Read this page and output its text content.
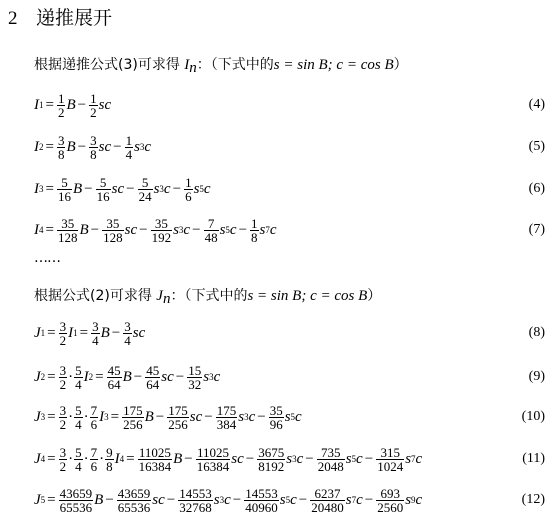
2 递推展开
根据递推公式(3)可求得 $I_n$：（下式中的s = sin B; c = cos B）
I $1 = \frac{1}{2}$ $B - \frac{1}{2}$ sc	(4)
I $2 = \frac{3}{8}$ $B - \frac{3}{8}$ sc − $\frac{1}{4}$ s 3 c	(5)
I $3 = \frac{5}{16}$ $B - \frac{5}{16}$ sc − $\frac{5}{24}$ s 3 $c - \frac{1}{6}$ s 5 c	(6)
I $4 = \frac{35}{128}$ $B - \frac{35}{128}$ sc − $\frac{35}{192}$ s 3 $c - \frac{7}{48}$ s 5 $c - \frac{1}{8}$ s 7 c	(7)
……
根据公式(2)可求得 $J_n$：（下式中的s = sin B; c = cos B）
J $1 = \frac{3}{2}$ I $1 = \frac{3}{4}$ $B - \frac{3}{4}$ sc	(8)
J $2 = \frac{3}{2} \cdot \frac{5}{4}$ I $2 = \frac{45}{64}$ $B - \frac{45}{64}$ sc − $\frac{15}{32}$ s 3 c	(9)
J $3 = \frac{3}{2} \cdot \frac{5}{4} \cdot \frac{7}{6}$ I $3 = \frac{175}{256}$ $B - \frac{175}{256}$ sc − $\frac{175}{384}$ s 3 $c - \frac{35}{96}$ s 5 c	(10)
J $4 = \frac{3}{2} \cdot \frac{5}{4} \cdot \frac{7}{6} \cdot \frac{9}{8}$ I $4 = \frac{11025}{16384}$ $B - \frac{11025}{16384}$ sc − $\frac{3675}{8192}$ s 3 $c - \frac{735}{2048}$ s 5 $c - \frac{315}{1024}$ s 7 c	(11)
J $5 = \frac{43659}{65536}$ $B - \frac{43659}{65536}$ sc − $\frac{14553}{32768}$ s 3 $c - \frac{14553}{40960}$ s 5 $c - \frac{6237}{20480}$ s 7 $c - \frac{693}{2560}$ s 9 c	(12)
